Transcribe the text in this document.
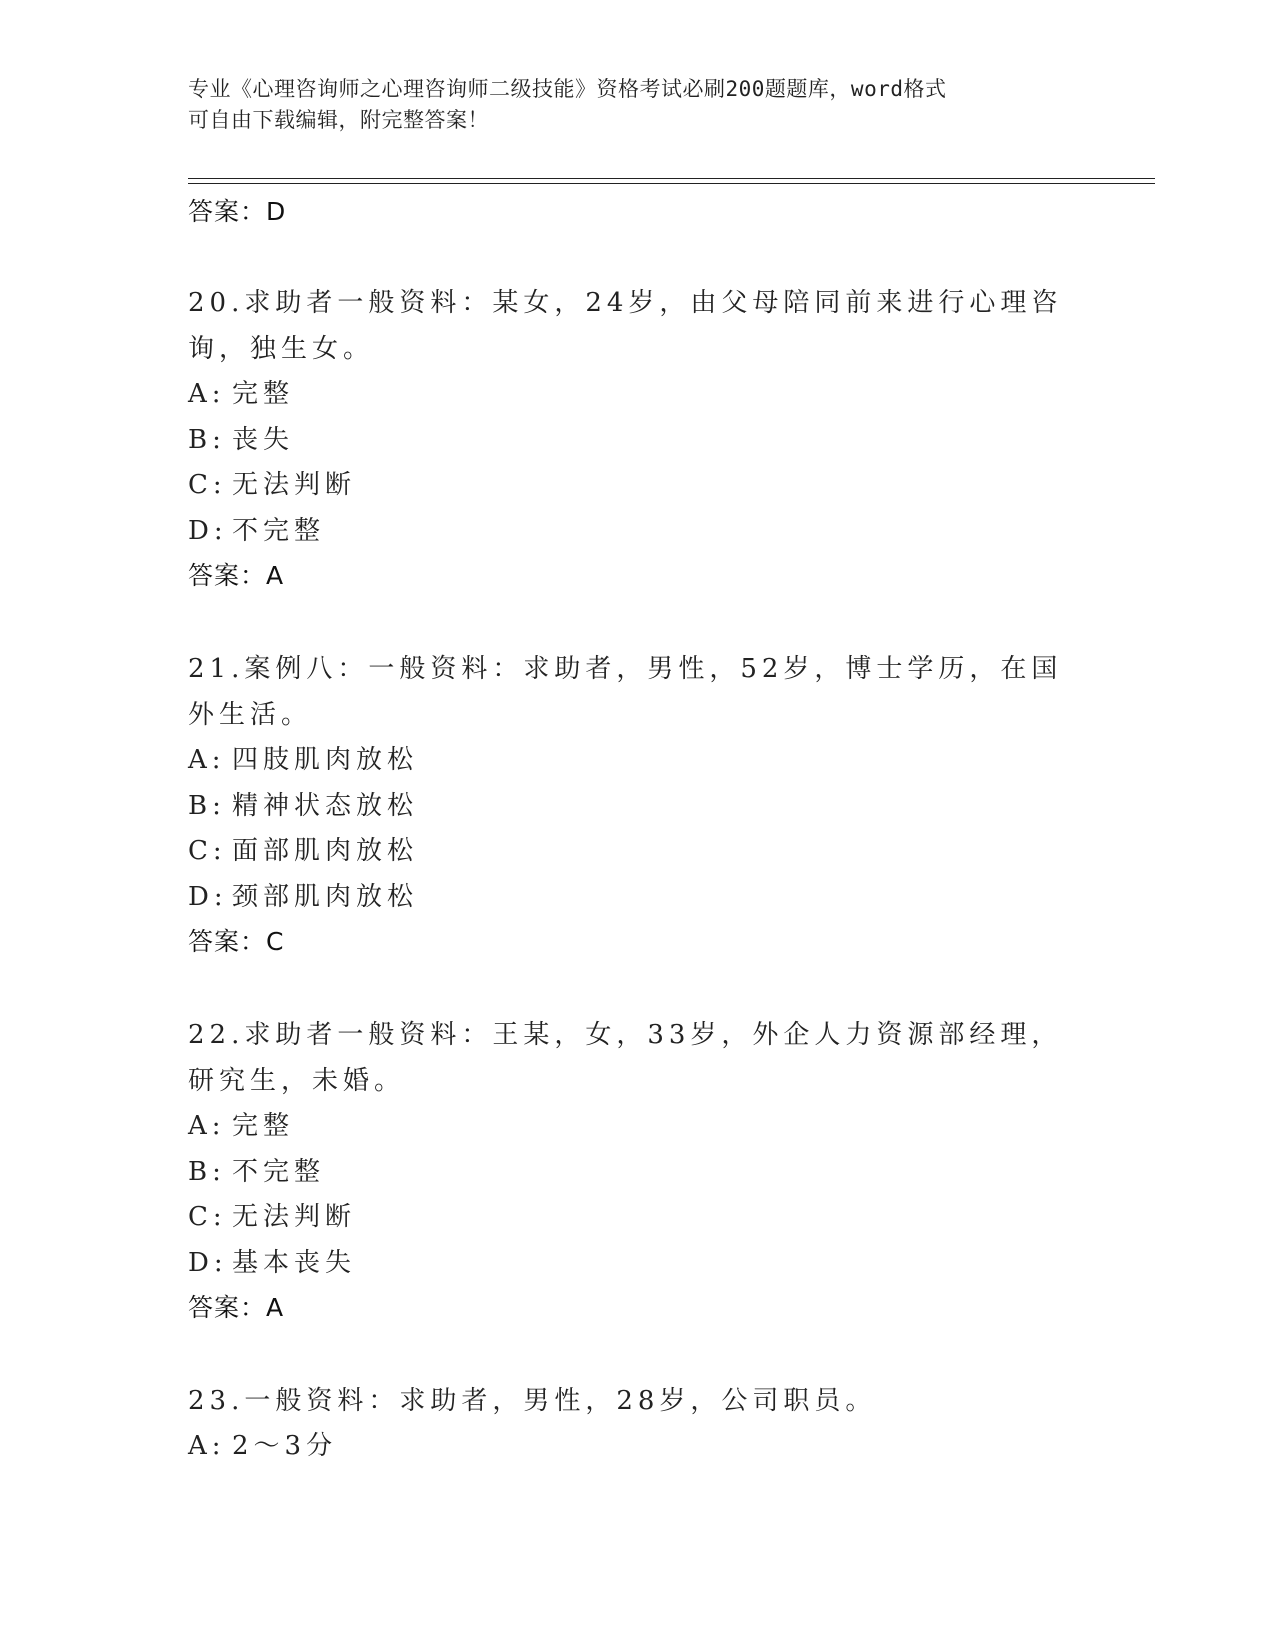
专业《心理咨询师之心理咨询师二级技能》资格考试必刷200题题库，word格式

可自由下载编辑，附完整答案！

答案：D

20.求助者一般资料：某女，24岁，由父母陪同前来进行心理咨询，独生女。

A: 完整
B: 丧失
C: 无法判断
D: 不完整
答案：A

21.案例八：一般资料：求助者，男性，52岁，博士学历，在国外生活。

A: 四肢肌肉放松
B: 精神状态放松
C: 面部肌肉放松
D: 颈部肌肉放松
答案：C

22.求助者一般资料：王某，女，33岁，外企人力资源部经理，研究生，未婚。

A: 完整
B: 不完整
C: 无法判断
D: 基本丧失
答案：A

23.一般资料：求助者，男性，28岁，公司职员。

A: 2～3分
